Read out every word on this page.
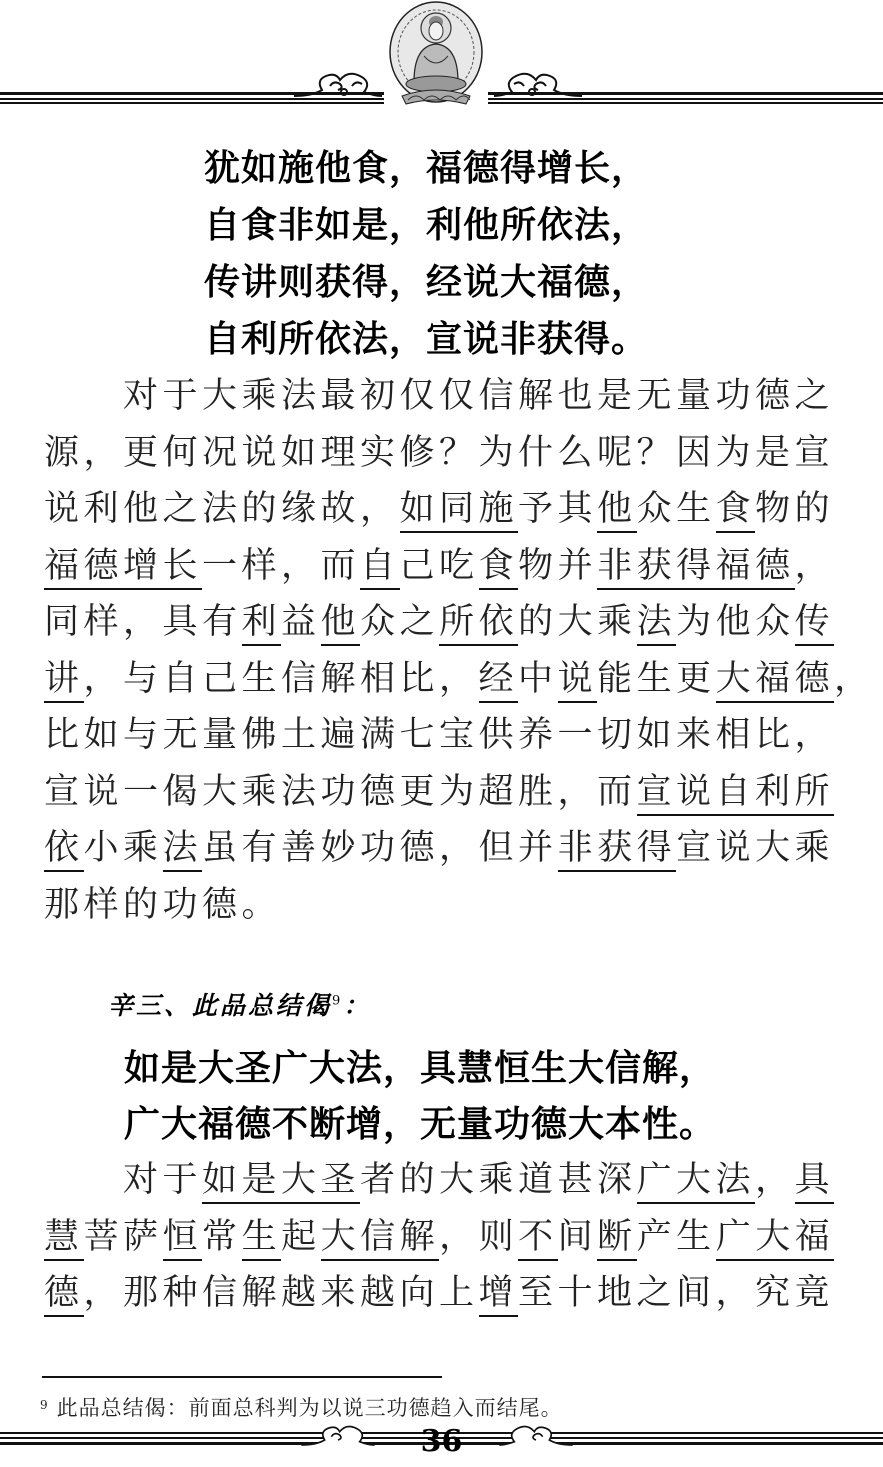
犹如施他食，福德得增长，
自食非如是，利他所依法，
传讲则获得，经说大福德，
自利所依法，宣说非获得。
　　对于大乘法最初仅仅信解也是无量功德之
源，更何况说如理实修？为什么呢？因为是宣
说利他之法的缘故，如同施予其他众生食物的
福德增长一样，而自己吃食物并非获得福德，
同样，具有利益他众之所依的大乘法为他众传
讲，与自己生信解相比，经中说能生更大福德，
比如与无量佛土遍满七宝供养一切如来相比，
宣说一偈大乘法功德更为超胜，而宣说自利所
依小乘法虽有善妙功德，但并非获得宣说大乘
那样的功德。
辛三、此品总结偈$^9$：
如是大圣广大法，具慧恒生大信解，
广大福德不断增，无量功德大本性。
　　对于如是大圣者的大乘道甚深广大法，具
慧菩萨恒常生起大信解，则不间断产生广大福
德，那种信解越来越向上增至十地之间，究竟
$^9$ 此品总结偈：前面总科判为以说三功德趋入而结尾。
36
